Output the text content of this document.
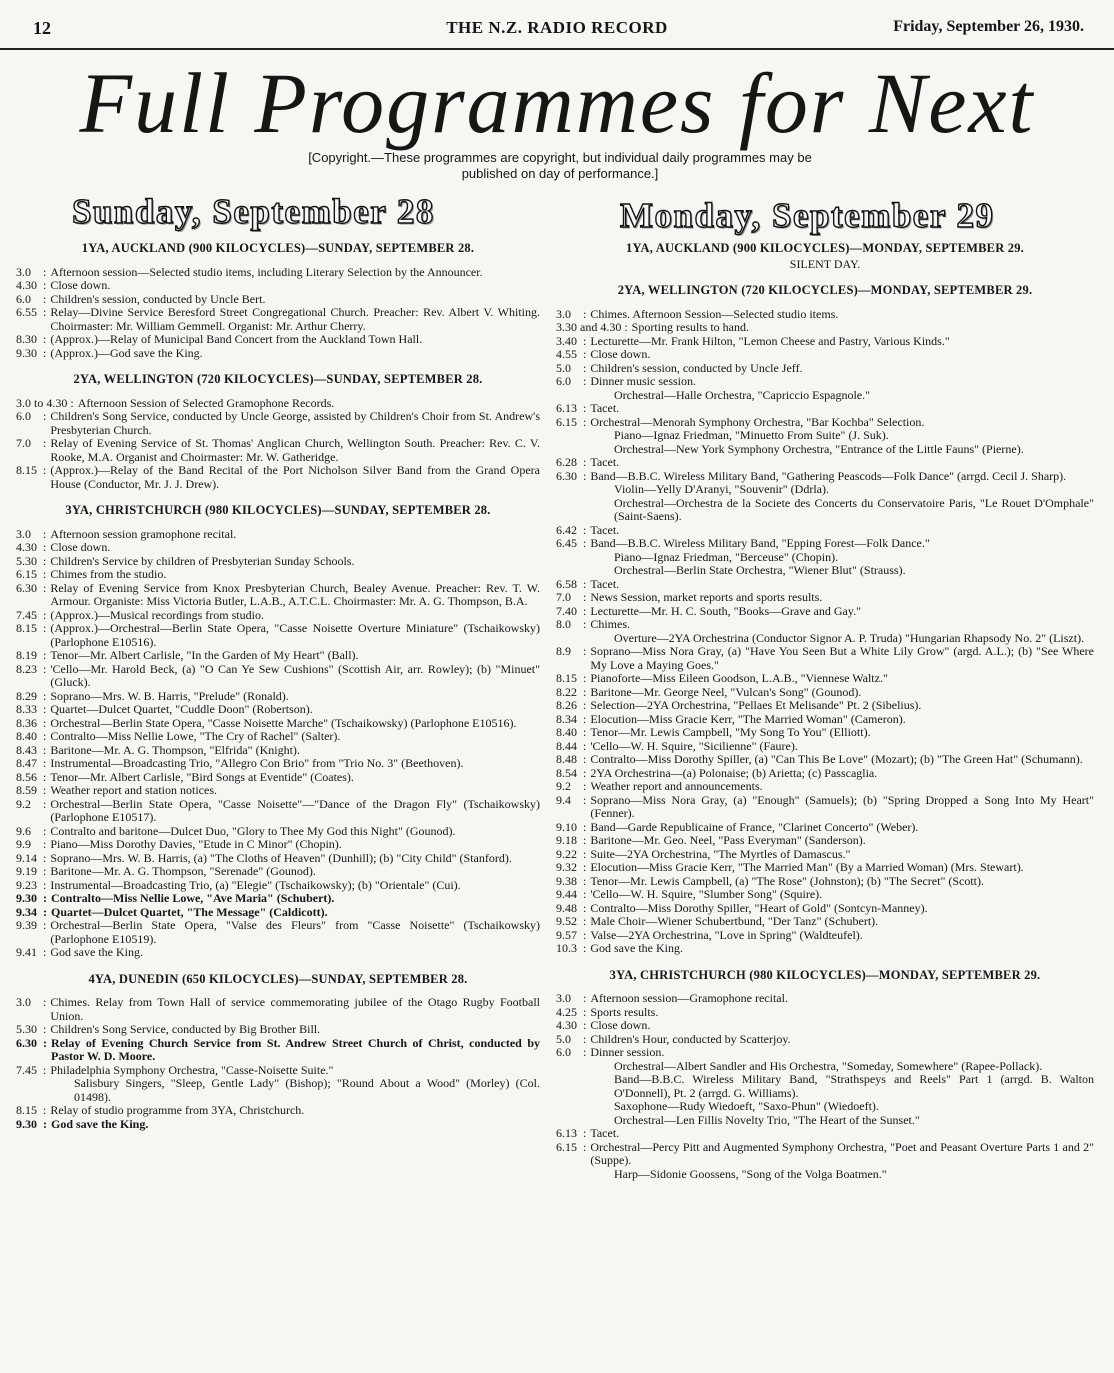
12	THE N.Z. RADIO RECORD	Friday, September 26, 1930.
Full Programmes for Next
[Copyright.—These programmes are copyright, but individual daily programmes may be published on day of performance.]
Sunday, September 28	Monday, September 29
1YA, AUCKLAND (900 KILOCYCLES)—SUNDAY, SEPTEMBER 28.
3.0	: Afternoon session—Selected studio items, including Literary Selection by the Announcer.
4.30 : Close down.
6.0	: Children's session, conducted by Uncle Bert.
6.55 : Relay—Divine Service Beresford Street Congregational Church. Preacher: Rev. Albert V. Whiting. Choirmaster: Mr. William Gemmell. Organist: Mr. Arthur Cherry.
8.30 : (Approx.)—Relay of Municipal Band Concert from the Auckland Town Hall.
9.30 : (Approx.)—God save the King.
2YA, WELLINGTON (720 KILOCYCLES)—SUNDAY, SEPTEMBER 28.
3.0 to 4.30 : Afternoon Session of Selected Gramophone Records.
6.0	: Children's Song Service, conducted by Uncle George, assisted by Children's Choir from St. Andrew's Presbyterian Church.
7.0	: Relay of Evening Service of St. Thomas' Anglican Church, Wellington South. Preacher: Rev. C. V. Rooke, M.A. Organist and Choirmaster: Mr. W. Gatheridge.
8.15 : (Approx.)—Relay of the Band Recital of the Port Nicholson Silver Band from the Grand Opera House (Conductor, Mr. J. J. Drew).
3YA, CHRISTCHURCH (980 KILOCYCLES)—SUNDAY, SEPTEMBER 28.
3.0	: Afternoon session gramophone recital.
4.30 : Close down.
5.30 : Children's Service by children of Presbyterian Sunday Schools.
6.15 : Chimes from the studio.
6.30 : Relay of Evening Service from Knox Presbyterian Church, Bealey Avenue. Preacher: Rev. T. W. Armour. Organiste: Miss Victoria Butler, L.A.B., A.T.C.L. Choirmaster: Mr. A. G. Thompson, B.A.
7.45 : (Approx.)—Musical recordings from studio.
8.15 : (Approx.)—Orchestral—Berlin State Opera, "Casse Noisette Overture Miniature" (Tschaikowsky) (Parlophone E10516).
8.19 : Tenor—Mr. Albert Carlisle, "In the Garden of My Heart" (Ball).
8.23 : 'Cello—Mr. Harold Beck, (a) "O Can Ye Sew Cushions" (Scottish Air, arr. Rowley); (b) "Minuet" (Gluck).
8.29 : Soprano—Mrs. W. B. Harris, "Prelude" (Ronald).
8.33 : Quartet—Dulcet Quartet, "Cuddle Doon" (Robertson).
8.36 : Orchestral—Berlin State Opera, "Casse Noisette Marche" (Tschaikowsky) (Parlophone E10516).
8.40 : Contralto—Miss Nellie Lowe, "The Cry of Rachel" (Salter).
8.43 : Baritone—Mr. A. G. Thompson, "Elfrida" (Knight).
8.47 : Instrumental—Broadcasting Trio, "Allegro Con Brio" from "Trio No. 3" (Beethoven).
8.56 : Tenor—Mr. Albert Carlisle, "Bird Songs at Eventide" (Coates).
8.59 : Weather report and station notices.
9.2	: Orchestral—Berlin State Opera, "Casse Noisette"—"Dance of the Dragon Fly" (Tschaikowsky) (Parlophone E10517).
9.6	: Contralto and baritone—Dulcet Duo, "Glory to Thee My God this Night" (Gounod).
9.9	: Piano—Miss Dorothy Davies, "Etude in C Minor" (Chopin).
9.14 : Soprano—Mrs. W. B. Harris, (a) "The Cloths of Heaven" (Dunhill); (b) "City Child" (Stanford).
9.19 : Baritone—Mr. A. G. Thompson, "Serenade" (Gounod).
9.23 : Instrumental—Broadcasting Trio, (a) "Elegie" (Tschaikowsky); (b) "Orientale" (Cui).
9.30 : Contralto—Miss Nellie Lowe, "Ave Maria" (Schubert).
9.34 : Quartet—Dulcet Quartet, "The Message" (Caldicott).
9.39 : Orchestral—Berlin State Opera, "Valse des Fleurs" from "Casse Noisette" (Tschaikowsky) (Parlophone E10519).
9.41 : God save the King.
4YA, DUNEDIN (650 KILOCYCLES)—SUNDAY, SEPTEMBER 28.
3.0	: Chimes. Relay from Town Hall of service commemorating jubilee of the Otago Rugby Football Union.
5.30 : Children's Song Service, conducted by Big Brother Bill.
6.30 : Relay of Evening Church Service from St. Andrew Street Church of Christ, conducted by Pastor W. D. Moore.
7.45 : Philadelphia Symphony Orchestra, "Casse-Noisette Suite."
Salisbury Singers, "Sleep, Gentle Lady" (Bishop); "Round About a Wood" (Morley) (Col. 01498).
8.15 : Relay of studio programme from 3YA, Christchurch.
9.30 : God save the King.
1YA, AUCKLAND (900 KILOCYCLES)—MONDAY, SEPTEMBER 29.
SILENT DAY.
2YA, WELLINGTON (720 KILOCYCLES)—MONDAY, SEPTEMBER 29.
3.0	: Chimes. Afternoon Session—Selected studio items.
3.30 and 4.30 : Sporting results to hand.
3.40 : Lecturette—Mr. Frank Hilton, "Lemon Cheese and Pastry, Various Kinds."
4.55 : Close down.
5.0	: Children's session, conducted by Uncle Jeff.
6.0	: Dinner music session.
Orchestral—Halle Orchestra, "Capriccio Espagnole."
6.13 : Tacet.
6.15 : Orchestral—Menorah Symphony Orchestra, "Bar Kochba" Selection.
Piano—Ignaz Friedman, "Minuetto From Suite" (J. Suk).
Orchestral—New York Symphony Orchestra, "Entrance of the Little Fauns" (Pierne).
6.28 : Tacet.
6.30 : Band—B.B.C. Wireless Military Band, "Gathering Peascods—Folk Dance" (arrgd. Cecil J. Sharp).
Violin—Yelly D'Aranyi, "Souvenir" (Ddrla).
Orchestral—Orchestra de la Societe des Concerts du Conservatoire Paris, "Le Rouet D'Omphale" (Saint-Saens).
6.42 : Tacet.
6.45 : Band—B.B.C. Wireless Military Band, "Epping Forest—Folk Dance."
Piano—Ignaz Friedman, "Berceuse" (Chopin).
Orchestral—Berlin State Orchestra, "Wiener Blut" (Strauss).
6.58 : Tacet.
7.0	: News Session, market reports and sports results.
7.40 : Lecturette—Mr. H. C. South, "Books—Grave and Gay."
8.0	: Chimes.
Overture—2YA Orchestrina (Conductor Signor A. P. Truda) "Hungarian Rhapsody No. 2" (Liszt).
8.9	: Soprano—Miss Nora Gray, (a) "Have You Seen But a White Lily Grow" (argd. A.L.); (b) "See Where My Love a Maying Goes."
8.15 : Pianoforte—Miss Eileen Goodson, L.A.B., "Viennese Waltz."
8.22 : Baritone—Mr. George Neel, "Vulcan's Song" (Gounod).
8.26 : Selection—2YA Orchestrina, "Pellaes Et Melisande" Pt. 2 (Sibelius).
8.34 : Elocution—Miss Gracie Kerr, "The Married Woman" (Cameron).
8.40 : Tenor—Mr. Lewis Campbell, "My Song To You" (Elliott).
8.44 : 'Cello—W. H. Squire, "Sicilienne" (Faure).
8.48 : Contralto—Miss Dorothy Spiller, (a) "Can This Be Love" (Mozart); (b) "The Green Hat" (Schumann).
8.54 : 2YA Orchestrina—(a) Polonaise; (b) Arietta; (c) Passcaglia.
9.2	: Weather report and announcements.
9.4	: Soprano—Miss Nora Gray, (a) "Enough" (Samuels); (b) "Spring Dropped a Song Into My Heart" (Fenner).
9.10 : Band—Garde Republicaine of France, "Clarinet Concerto" (Weber).
9.18 : Baritone—Mr. Geo. Neel, "Pass Everyman" (Sanderson).
9.22 : Suite—2YA Orchestrina, "The Myrtles of Damascus."
9.32 : Elocution—Miss Gracie Kerr, "The Married Man" (By a Married Woman) (Mrs. Stewart).
9.38 : Tenor—Mr. Lewis Campbell, (a) "The Rose" (Johnston); (b) "The Secret" (Scott).
9.44 : 'Cello—W. H. Squire, "Slumber Song" (Squire).
9.48 : Contralto—Miss Dorothy Spiller, "Heart of Gold" (Sontcyn-Manney).
9.52 : Male Choir—Wiener Schubertbund, "Der Tanz" (Schubert).
9.57 : Valse—2YA Orchestrina, "Love in Spring" (Waldteufel).
10.3 : God save the King.
3YA, CHRISTCHURCH (980 KILOCYCLES)—MONDAY, SEPTEMBER 29.
3.0	: Afternoon session—Gramophone recital.
4.25 : Sports results.
4.30 : Close down.
5.0	: Children's Hour, conducted by Scatterjoy.
6.0	: Dinner session.
Orchestral—Albert Sandler and His Orchestra, "Someday, Somewhere" (Rapee-Pollack).
Band—B.B.C. Wireless Military Band, "Strathspeys and Reels" Part 1 (arrgd. B. Walton O'Donnell), Pt. 2 (arrgd. G. Williams).
Saxophone—Rudy Wiedoeft, "Saxo-Phun" (Wiedoeft).
Orchestral—Len Fillis Novelty Trio, "The Heart of the Sunset."
6.13 : Tacet.
6.15 : Orchestral—Percy Pitt and Augmented Symphony Orchestra, "Poet and Peasant Overture Parts 1 and 2" (Suppe).
Harp—Sidonie Goossens, "Song of the Volga Boatmen."
